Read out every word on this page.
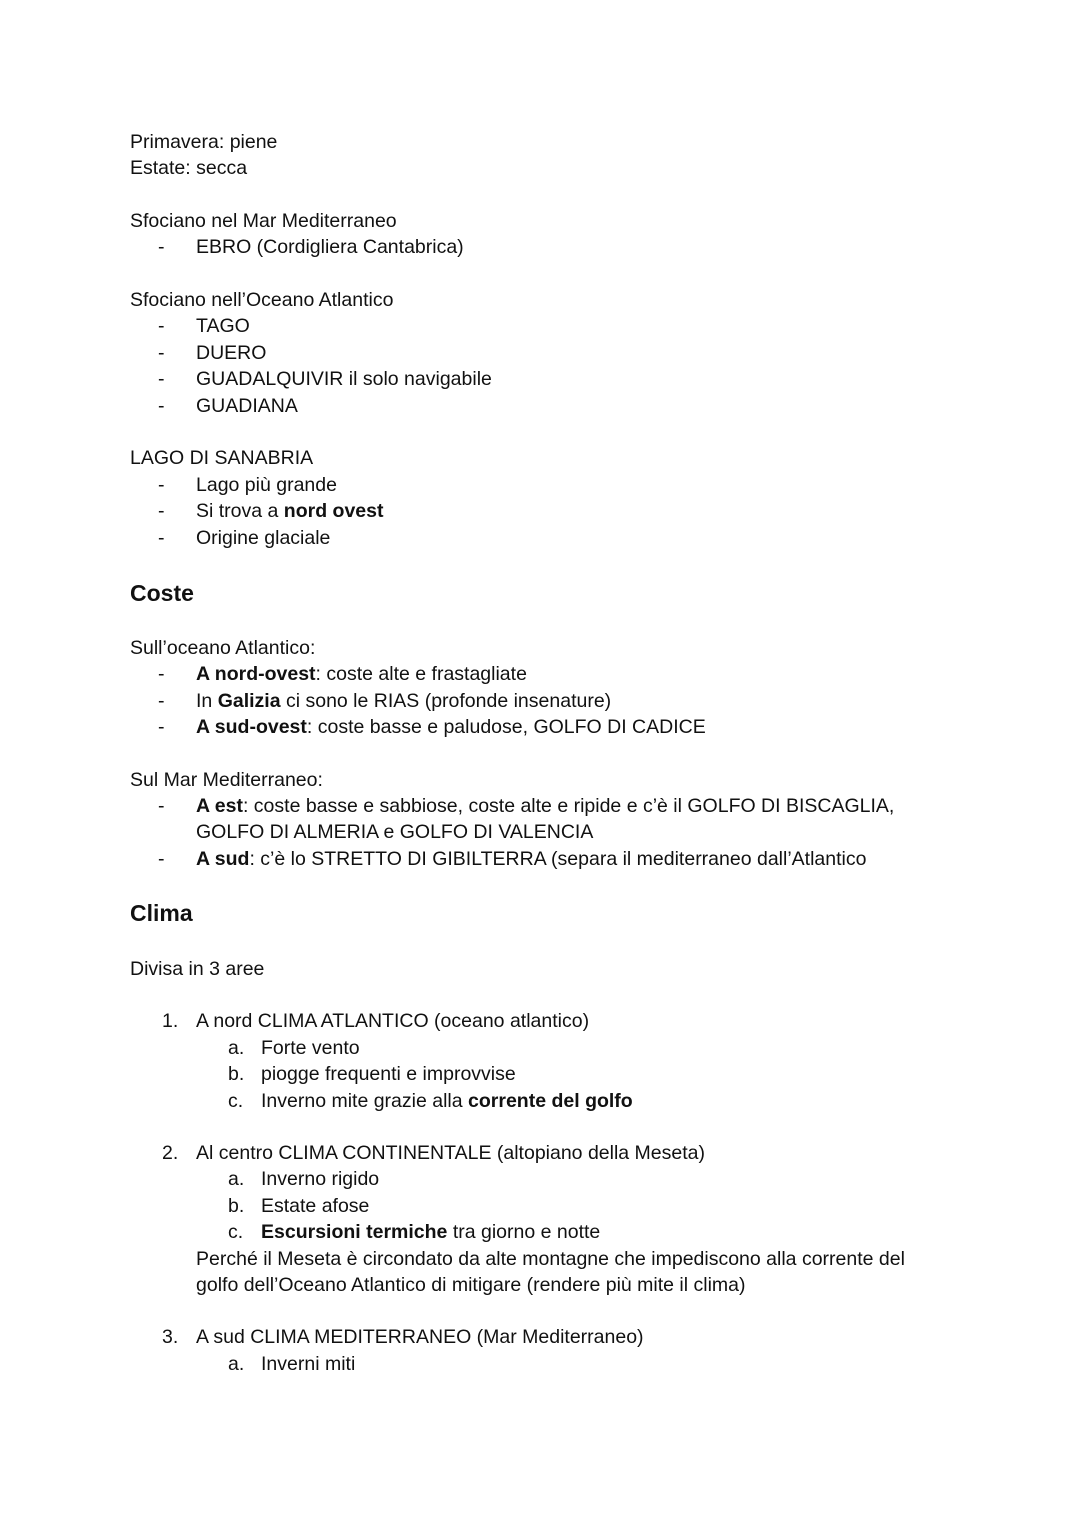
Primavera: piene

Estate: secca

Sfociano nel Mar Mediterraneo

- EBRO (Cordigliera Cantabrica)

Sfociano nell’Oceano Atlantico

- TAGO

- DUERO

- GUADALQUIVIR il solo navigabile

- GUADIANA

LAGO DI SANABRIA

- Lago più grande

- Si trova a nord ovest

- Origine glaciale

Coste

Sull’oceano Atlantico:

- A nord-ovest: coste alte e frastagliate

- In Galizia ci sono le RIAS (profonde insenature)

- A sud-ovest: coste basse e paludose, GOLFO DI CADICE

Sul Mar Mediterraneo:

- A est: coste basse e sabbiose, coste alte e ripide e c’è il GOLFO DI BISCAGLIA,

GOLFO DI ALMERIA e GOLFO DI VALENCIA

- A sud: c’è lo STRETTO DI GIBILTERRA (separa il mediterraneo dall’Atlantico

Clima

Divisa in 3 aree

1. A nord CLIMA ATLANTICO (oceano atlantico)

a. Forte vento

b. piogge frequenti e improvvise

c. Inverno mite grazie alla corrente del golfo

2. Al centro CLIMA CONTINENTALE (altopiano della Meseta)

a. Inverno rigido

b. Estate afose

c. Escursioni termiche tra giorno e notte

Perché il Meseta è circondato da alte montagne che impediscono alla corrente del

golfo dell’Oceano Atlantico di mitigare (rendere più mite il clima)

3. A sud CLIMA MEDITERRANEO (Mar Mediterraneo)

a. Inverni miti
